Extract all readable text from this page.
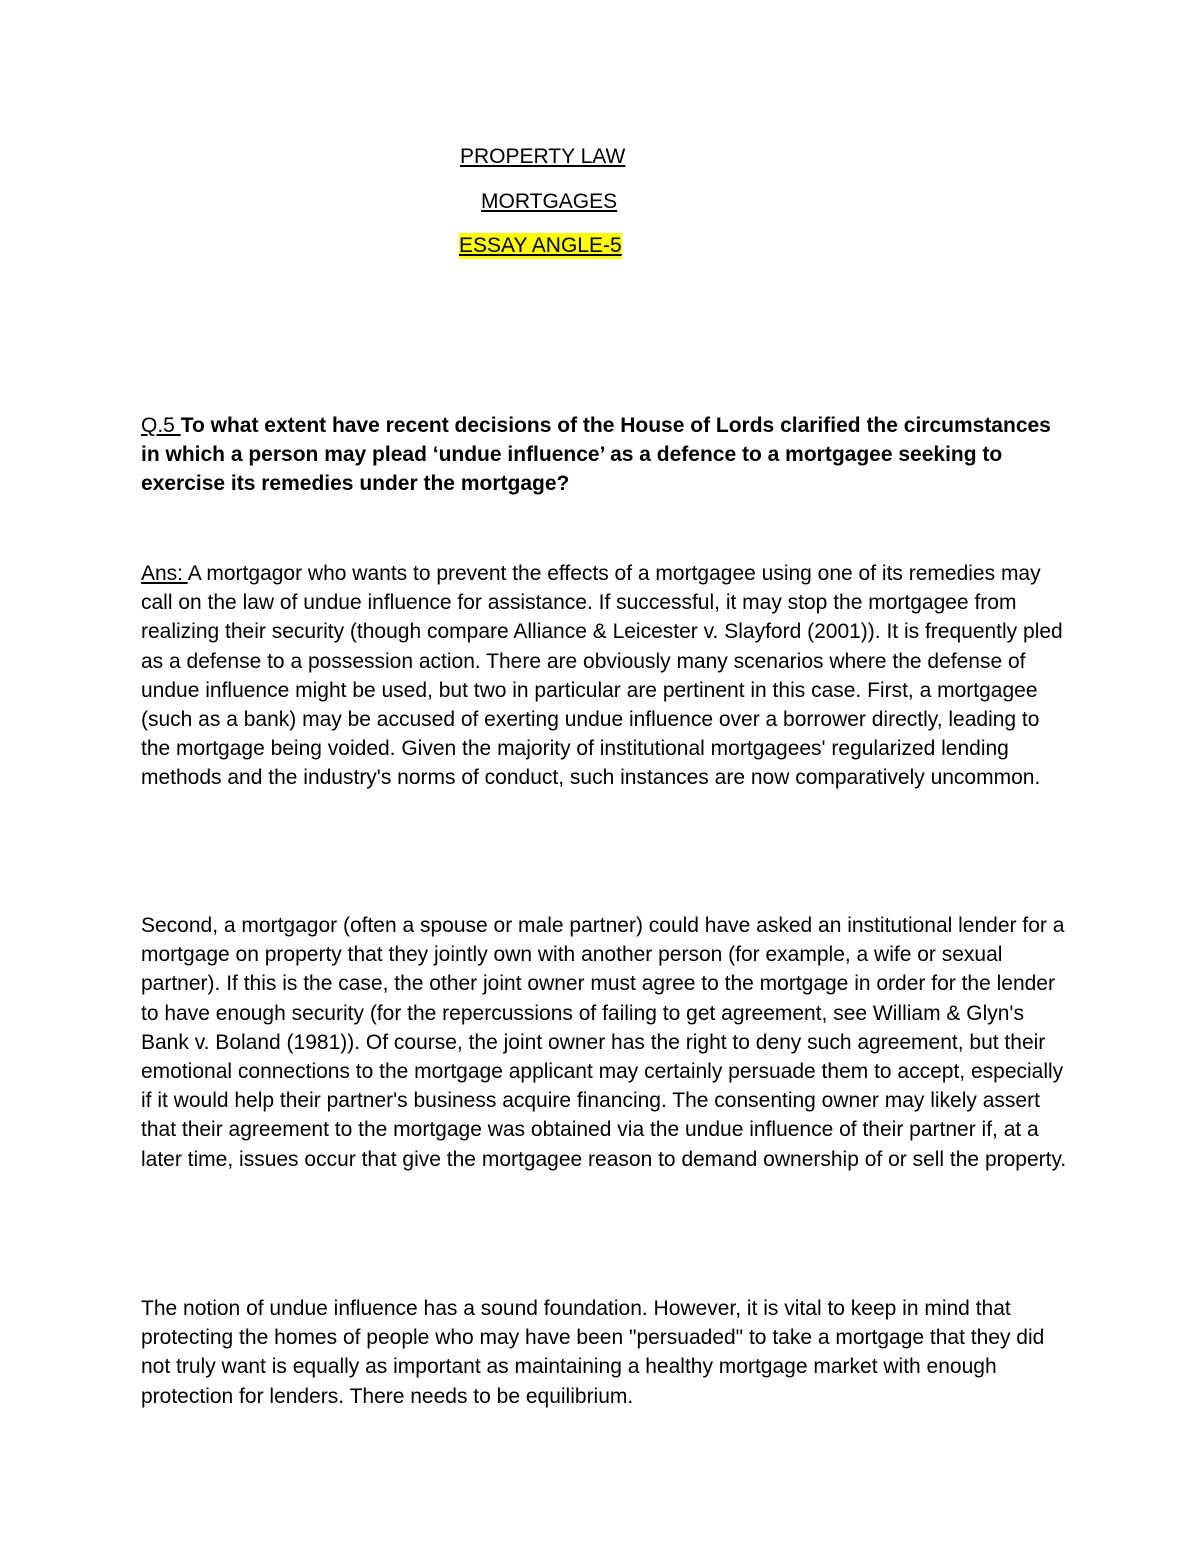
PROPERTY LAW
MORTGAGES
ESSAY ANGLE-5
Q.5 To what extent have recent decisions of the House of Lords clarified the circumstances in which a person may plead ‘undue influence’ as a defence to a mortgagee seeking to exercise its remedies under the mortgage?
Ans: A mortgagor who wants to prevent the effects of a mortgagee using one of its remedies may call on the law of undue influence for assistance. If successful, it may stop the mortgagee from realizing their security (though compare Alliance & Leicester v. Slayford (2001)). It is frequently pled as a defense to a possession action. There are obviously many scenarios where the defense of undue influence might be used, but two in particular are pertinent in this case. First, a mortgagee (such as a bank) may be accused of exerting undue influence over a borrower directly, leading to the mortgage being voided. Given the majority of institutional mortgagees' regularized lending methods and the industry's norms of conduct, such instances are now comparatively uncommon.
Second, a mortgagor (often a spouse or male partner) could have asked an institutional lender for a mortgage on property that they jointly own with another person (for example, a wife or sexual partner). If this is the case, the other joint owner must agree to the mortgage in order for the lender to have enough security (for the repercussions of failing to get agreement, see William & Glyn's Bank v. Boland (1981)). Of course, the joint owner has the right to deny such agreement, but their emotional connections to the mortgage applicant may certainly persuade them to accept, especially if it would help their partner's business acquire financing. The consenting owner may likely assert that their agreement to the mortgage was obtained via the undue influence of their partner if, at a later time, issues occur that give the mortgagee reason to demand ownership of or sell the property.
The notion of undue influence has a sound foundation. However, it is vital to keep in mind that protecting the homes of people who may have been "persuaded" to take a mortgage that they did not truly want is equally as important as maintaining a healthy mortgage market with enough protection for lenders. There needs to be equilibrium.
